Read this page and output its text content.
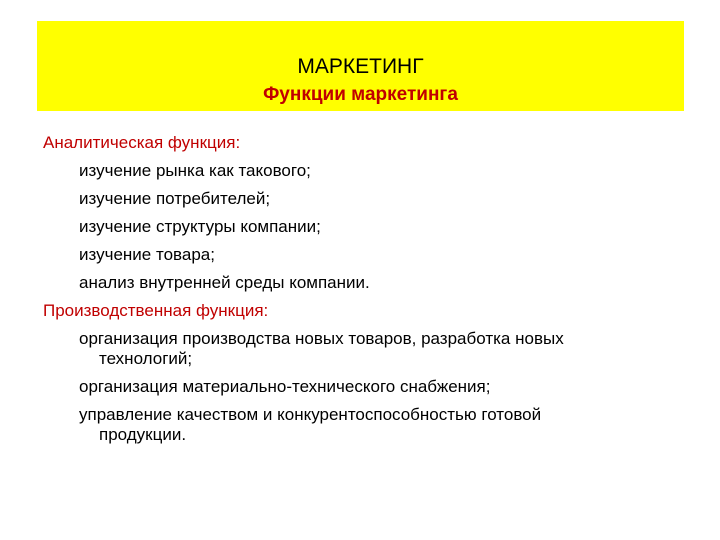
МАРКЕТИНГ
Функции маркетинга

Аналитическая функция:

изучение рынка как такового;
изучение потребителей;
изучение структуры компании;
изучение товара;
анализ внутренней среды компании.

Производственная функция:

организация производства новых товаров, разработка новых
технологий;
организация материально-технического снабжения;
управление качеством и конкурентоспособностью готовой
продукции.
